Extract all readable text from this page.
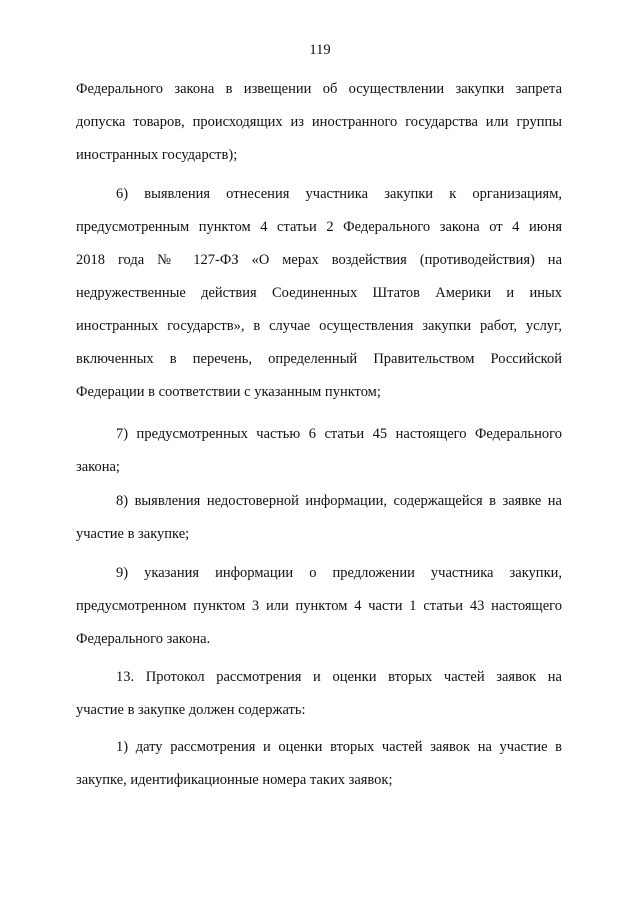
119
Федерального закона в извещении об осуществлении закупки запрета
допуска товаров, происходящих из иностранного государства или группы
иностранных государств);
6) выявления отнесения участника закупки к организациям,
предусмотренным пунктом 4 статьи 2 Федерального закона от 4 июня
2018 года № 127-ФЗ «О мерах воздействия (противодействия) на
недружественные действия Соединенных Штатов Америки и иных
иностранных государств», в случае осуществления закупки работ, услуг,
включенных в перечень, определенный Правительством Российской
Федерации в соответствии с указанным пунктом;
7) предусмотренных частью 6 статьи 45 настоящего Федерального
закона;
8) выявления недостоверной информации, содержащейся в заявке на
участие в закупке;
9) указания информации о предложении участника закупки,
предусмотренном пунктом 3 или пунктом 4 части 1 статьи 43 настоящего
Федерального закона.
13. Протокол рассмотрения и оценки вторых частей заявок на
участие в закупке должен содержать:
1) дату рассмотрения и оценки вторых частей заявок на участие в
закупке, идентификационные номера таких заявок;
